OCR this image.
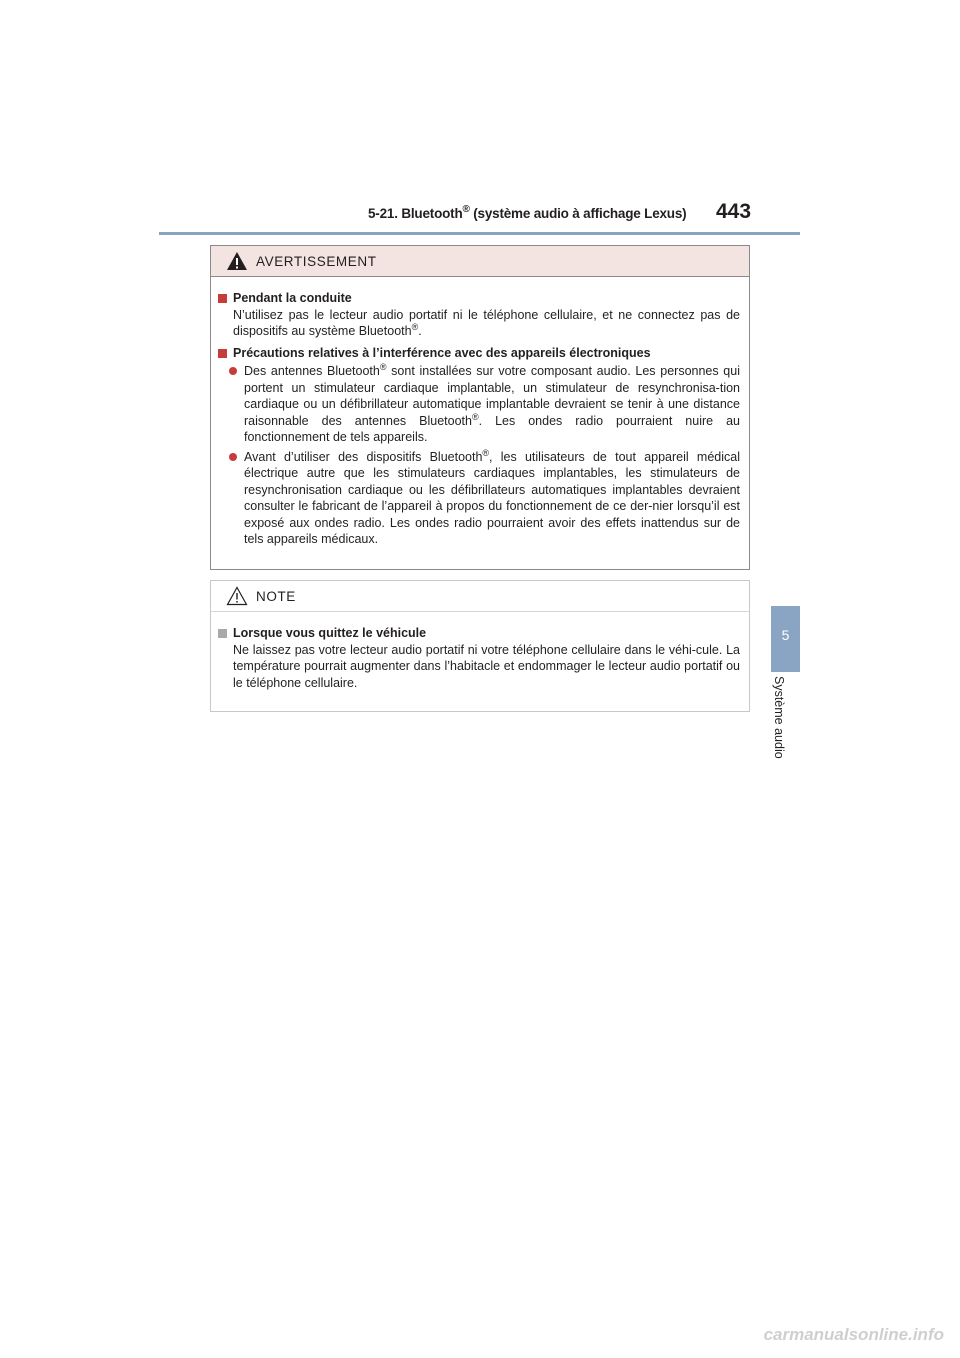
5-21. Bluetooth® (système audio à affichage Lexus) 443
5
Système audio
AVERTISSEMENT
Pendant la conduite
N’utilisez pas le lecteur audio portatif ni le téléphone cellulaire, et ne connectez pas de dispositifs au système Bluetooth®.
Précautions relatives à l’interférence avec des appareils électroniques
Des antennes Bluetooth® sont installées sur votre composant audio. Les personnes qui portent un stimulateur cardiaque implantable, un stimulateur de resynchronisa-tion cardiaque ou un défibrillateur automatique implantable devraient se tenir à une distance raisonnable des antennes Bluetooth®. Les ondes radio pourraient nuire au fonctionnement de tels appareils.
Avant d’utiliser des dispositifs Bluetooth®, les utilisateurs de tout appareil médical électrique autre que les stimulateurs cardiaques implantables, les stimulateurs de resynchronisation cardiaque ou les défibrillateurs automatiques implantables devraient consulter le fabricant de l’appareil à propos du fonctionnement de ce der-nier lorsqu’il est exposé aux ondes radio. Les ondes radio pourraient avoir des effets inattendus sur de tels appareils médicaux.
NOTE
Lorsque vous quittez le véhicule
Ne laissez pas votre lecteur audio portatif ni votre téléphone cellulaire dans le véhi-cule. La température pourrait augmenter dans l’habitacle et endommager le lecteur audio portatif ou le téléphone cellulaire.
carmanualsonline.info
